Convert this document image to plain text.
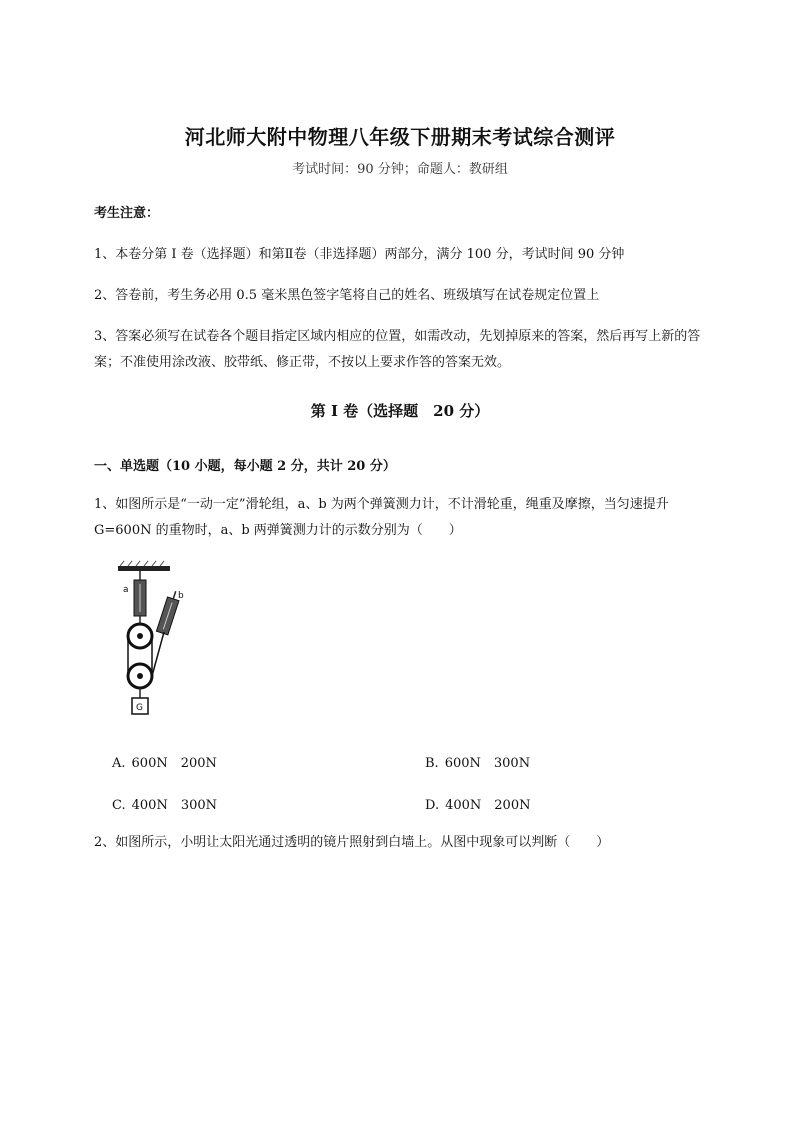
河北师大附中物理八年级下册期末考试综合测评
考试时间：90 分钟；命题人：教研组
考生注意：
1、本卷分第 I 卷（选择题）和第Ⅱ卷（非选择题）两部分，满分 100 分，考试时间 90 分钟
2、答卷前，考生务必用 0.5 毫米黑色签字笔将自己的姓名、班级填写在试卷规定位置上
3、答案必须写在试卷各个题目指定区域内相应的位置，如需改动，先划掉原来的答案，然后再写上新的答案；不准使用涂改液、胶带纸、修正带，不按以上要求作答的答案无效。
第 I 卷（选择题　20 分）
一、单选题（10 小题，每小题 2 分，共计 20 分）
1、如图所示是“一动一定”滑轮组，a、b 为两个弹簧测力计，不计滑轮重，绳重及摩擦，当匀速提升 G=600N 的重物时，a、b 两弹簧测力计的示数分别为（　　）
a
b
G
A. 600N　200N	B. 600N　300N
C. 400N　300N	D. 400N　200N
2、如图所示，小明让太阳光通过透明的镜片照射到白墙上。从图中现象可以判断（　　）
